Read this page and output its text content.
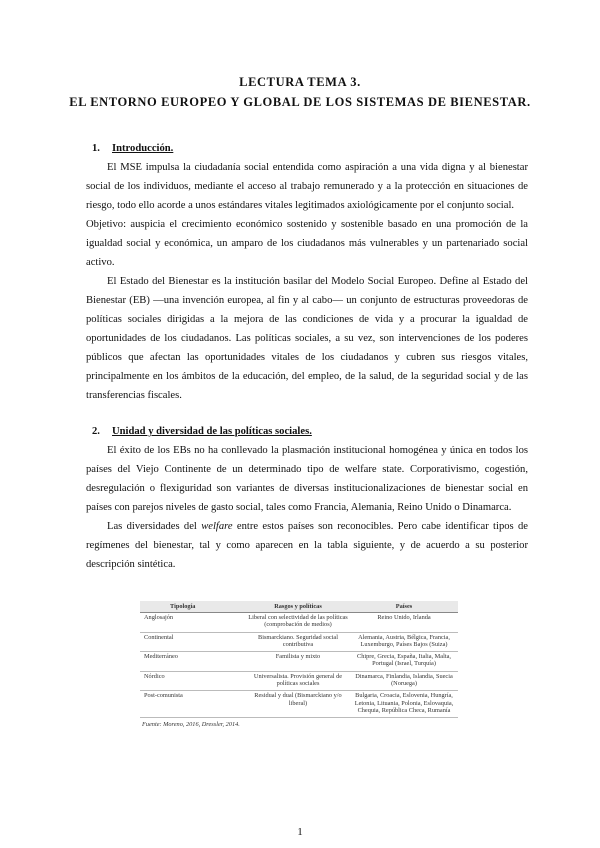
LECTURA TEMA 3.
EL ENTORNO EUROPEO Y GLOBAL DE LOS SISTEMAS DE BIENESTAR.
1.	Introducción.

El MSE impulsa la ciudadanía social entendida como aspiración a una vida digna y al bienestar social de los individuos, mediante el acceso al trabajo remunerado y a la protección en situaciones de riesgo, todo ello acorde a unos estándares vitales legitimados axiológicamente por el conjunto social.

Objetivo: auspicia el crecimiento económico sostenido y sostenible basado en una promoción de la igualdad social y económica, un amparo de los ciudadanos más vulnerables y un partenariado social activo.

El Estado del Bienestar es la institución basilar del Modelo Social Europeo. Define al Estado del Bienestar (EB) —una invención europea, al fin y al cabo— un conjunto de estructuras proveedoras de políticas sociales dirigidas a la mejora de las condiciones de vida y a procurar la igualdad de oportunidades de los ciudadanos. Las políticas sociales, a su vez, son intervenciones de los poderes públicos que afectan las oportunidades vitales de los ciudadanos y cubren sus riesgos vitales, principalmente en los ámbitos de la educación, del empleo, de la salud, de la seguridad social y de las transferencias fiscales.

2.	Unidad y diversidad de las políticas sociales.

El éxito de los EBs no ha conllevado la plasmación institucional homogénea y única en todos los países del Viejo Continente de un determinado tipo de welfare state. Corporativismo, cogestión, desregulación o flexiguridad son variantes de diversas institucionalizaciones de bienestar social en países con parejos niveles de gasto social, tales como Francia, Alemania, Reino Unido o Dinamarca.

Las diversidades del welfare entre estos países son reconocibles. Pero cabe identificar tipos de regímenes del bienestar, tal y como aparecen en la tabla siguiente, y de acuerdo a su posterior descripción sintética.

Tipología	Rasgos y políticas	Países
Anglosajón	Liberal con selectividad de las políticas (comprobación de medios)	Reino Unido, Irlanda
Continental	Bismarckiano. Seguridad social contributiva	Alemania, Austria, Bélgica, Francia, Luxemburgo, Países Bajos (Suiza)
Mediterráneo	Familista y mixto	Chipre, Grecia, España, Italia, Malta, Portugal (Israel, Turquía)
Nórdico	Universalista. Provisión general de políticas sociales	Dinamarca, Finlandia, Islandia, Suecia (Noruega)
Post-comunista	Residual y dual (Bismarckiano y/o liberal)	Bulgaria, Croacia, Eslovenia, Hungría, Letonia, Lituania, Polonia, Eslovaquia, Chequia, República Checa, Rumanía
Fuente: Moreno, 2016, Dressler, 2014.
1
